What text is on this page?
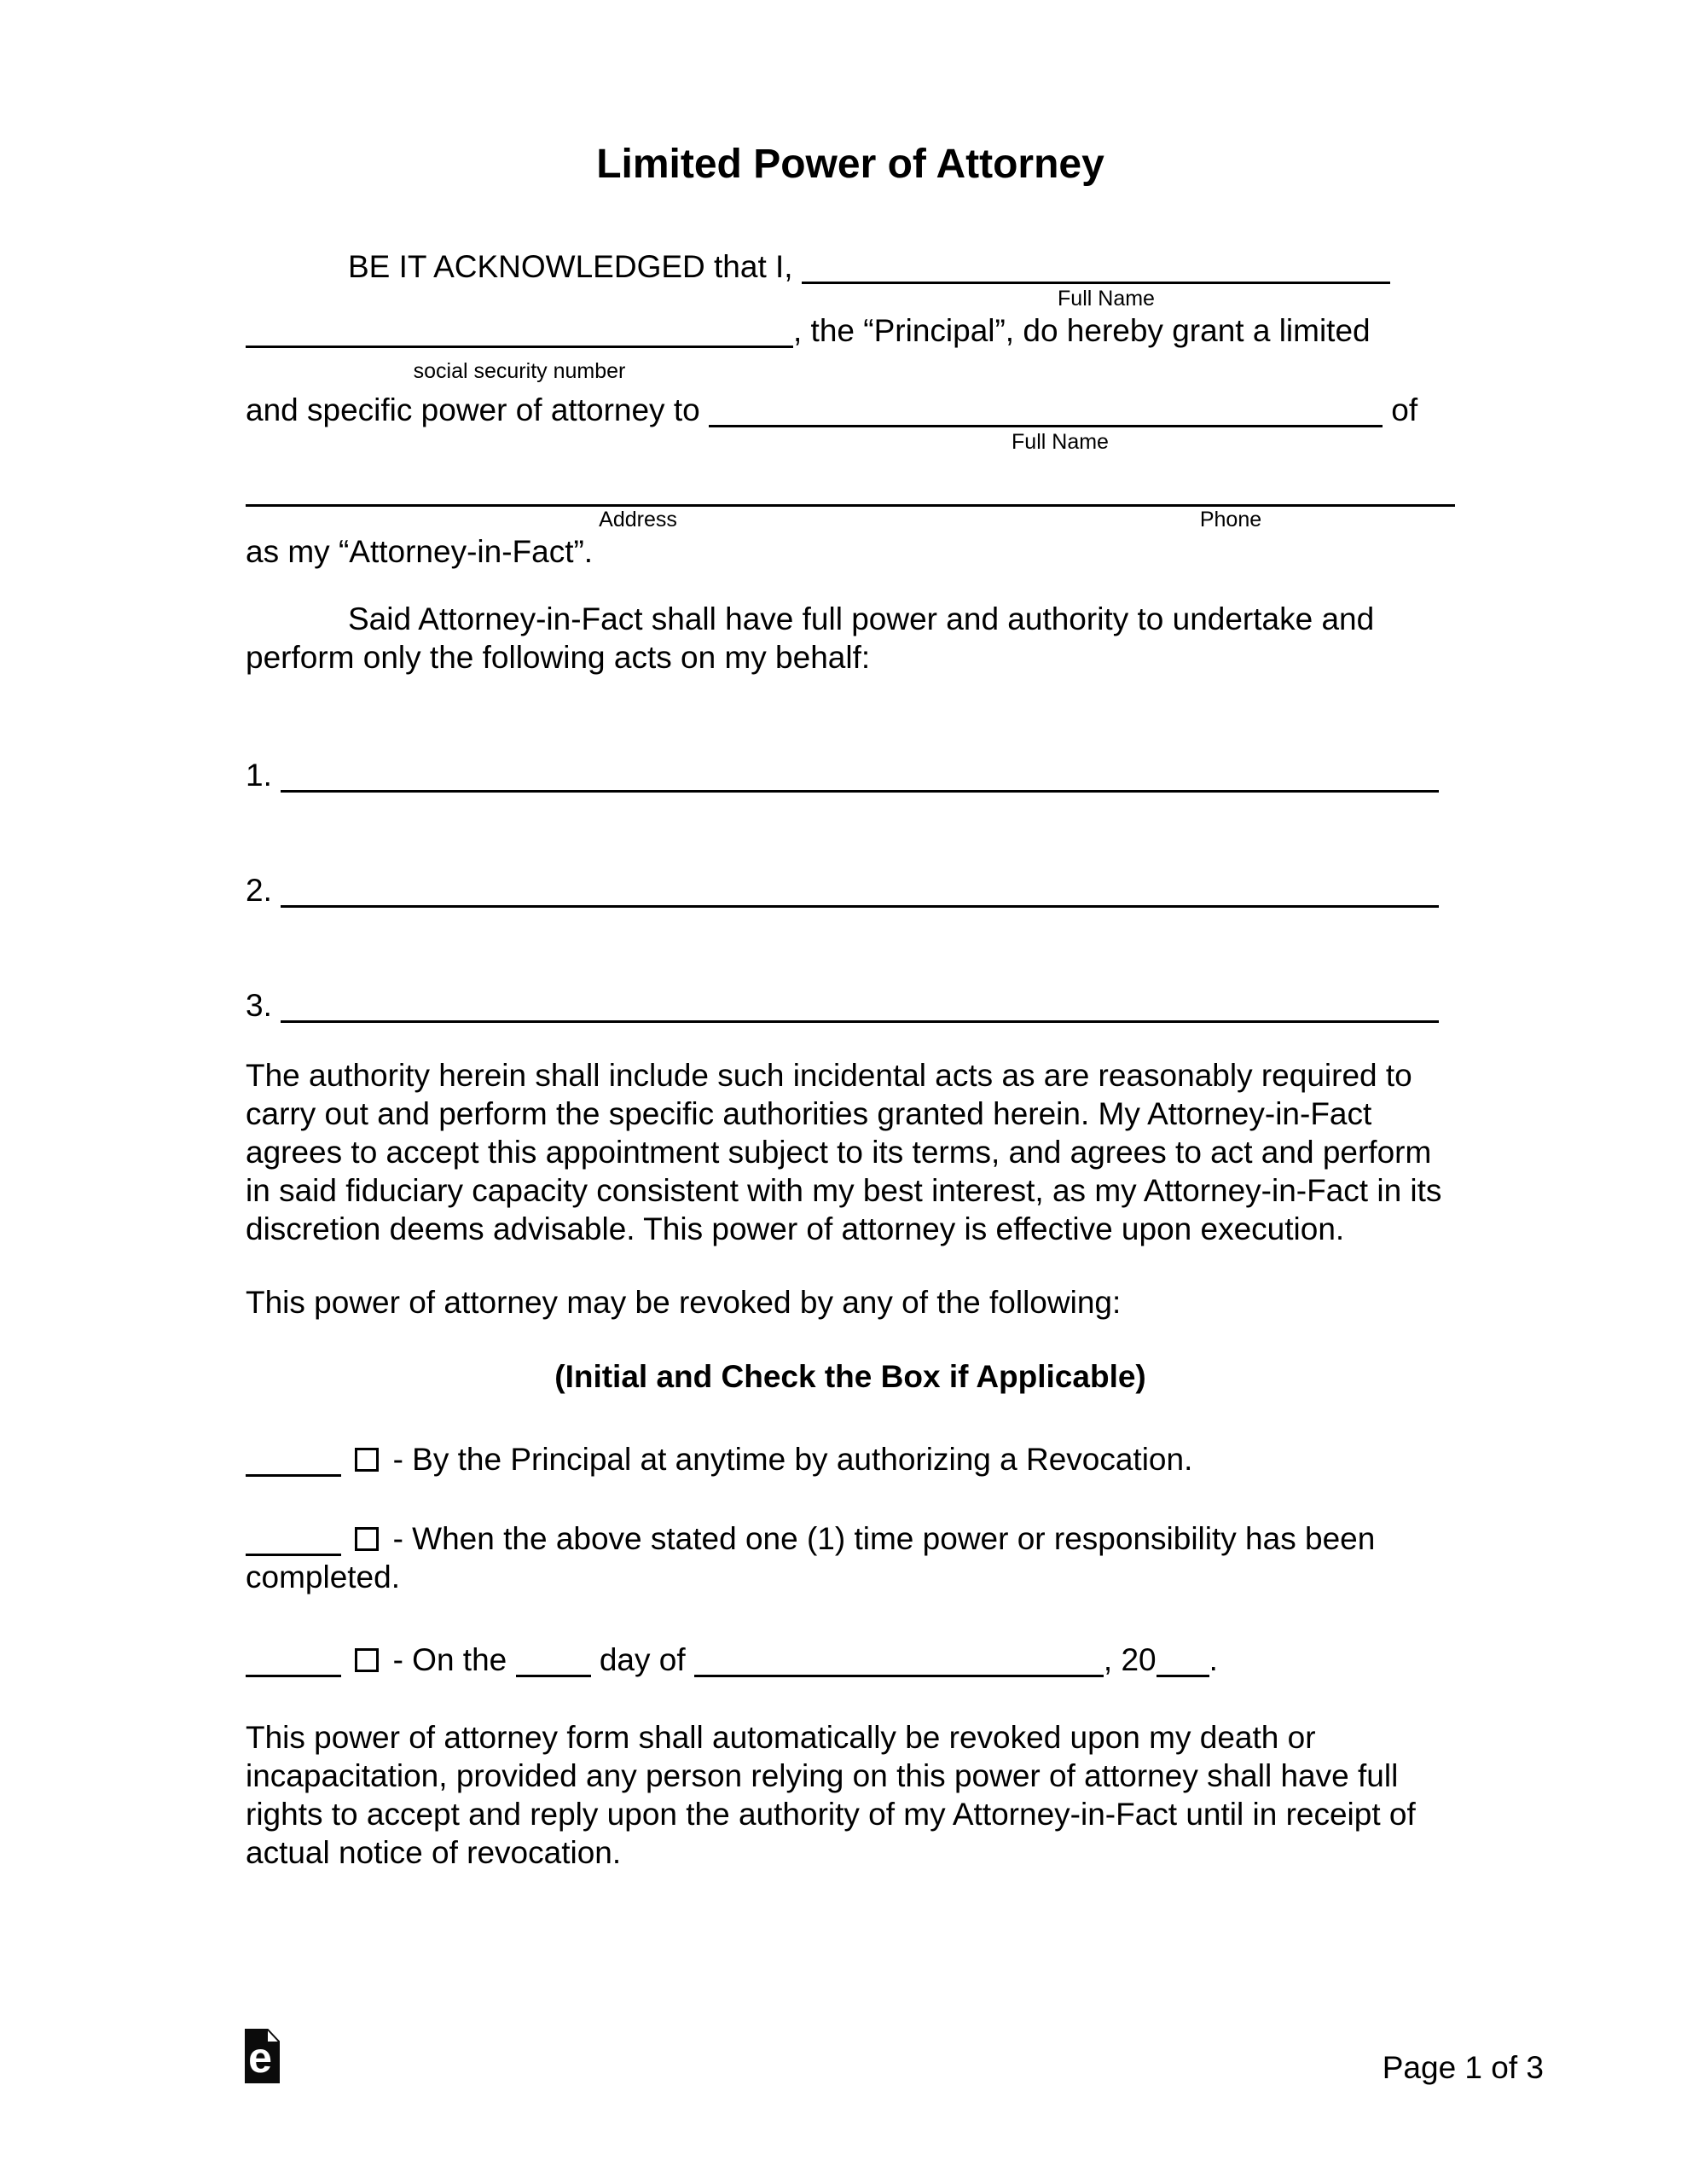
Limited Power of Attorney
BE IT ACKNOWLEDGED that I,
Full Name
, the “Principal”, do hereby grant a limited
social security number
and specific power of attorney to	of
Full Name
Address	Phone
as my “Attorney-in-Fact”.
Said Attorney-in-Fact shall have full power and authority to undertake and perform only the following acts on my behalf:
1.
2.
3.
The authority herein shall include such incidental acts as are reasonably required to carry out and perform the specific authorities granted herein. My Attorney-in-Fact agrees to accept this appointment subject to its terms, and agrees to act and perform in said fiduciary capacity consistent with my best interest, as my Attorney-in-Fact in its discretion deems advisable. This power of attorney is effective upon execution.
This power of attorney may be revoked by any of the following:
(Initial and Check the Box if Applicable)
- By the Principal at anytime by authorizing a Revocation.
- When the above stated one (1) time power or responsibility has been completed.
- On the	day of	, 20 .
This power of attorney form shall automatically be revoked upon my death or incapacitation, provided any person relying on this power of attorney shall have full rights to accept and reply upon the authority of my Attorney-in-Fact until in receipt of actual notice of revocation.
e	Page 1 of 3
